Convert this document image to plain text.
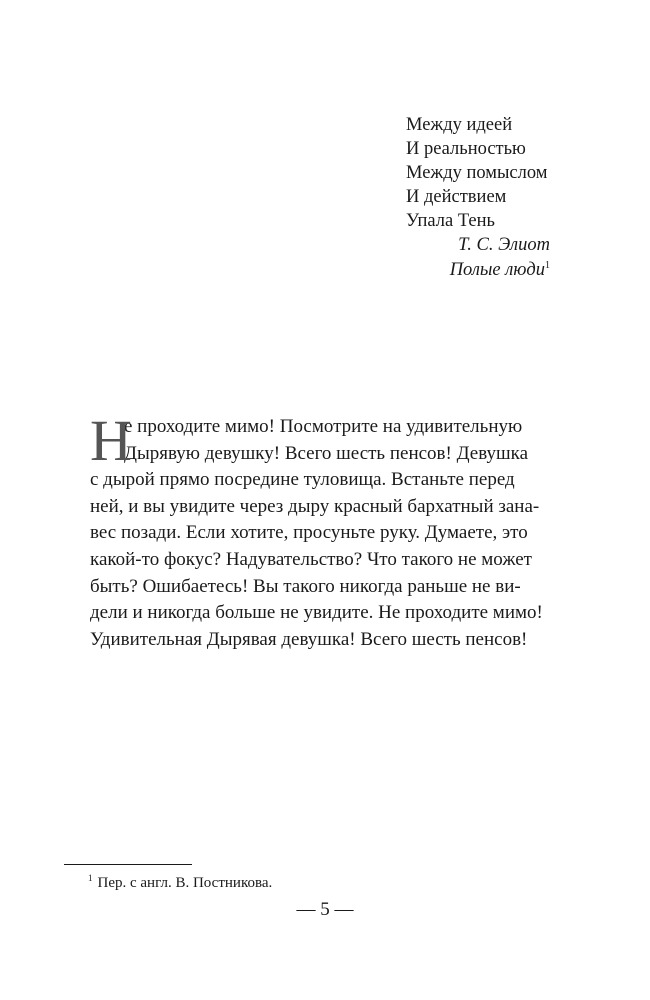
Между идеей
И реальностью
Между помыслом
И действием
Упала Тень
Т. С. Элиот
Полые люди$^1$
Н
е проходите мимо! Посмотрите на удивительную
Дырявую девушку! Всего шесть пенсов! Девушка
с дырой прямо посредине туловища. Встаньте перед
ней, и вы увидите через дыру красный бархатный зана-
вес позади. Если хотите, просуньте руку. Думаете, это
какой-то фокус? Надувательство? Что такого не может
быть? Ошибаетесь! Вы такого никогда раньше не ви-
дели и никогда больше не увидите. Не проходите мимо!
Удивительная Дырявая девушка! Всего шесть пенсов!
$^1$ Пер. с англ. В. Постникова.
— 5 —
